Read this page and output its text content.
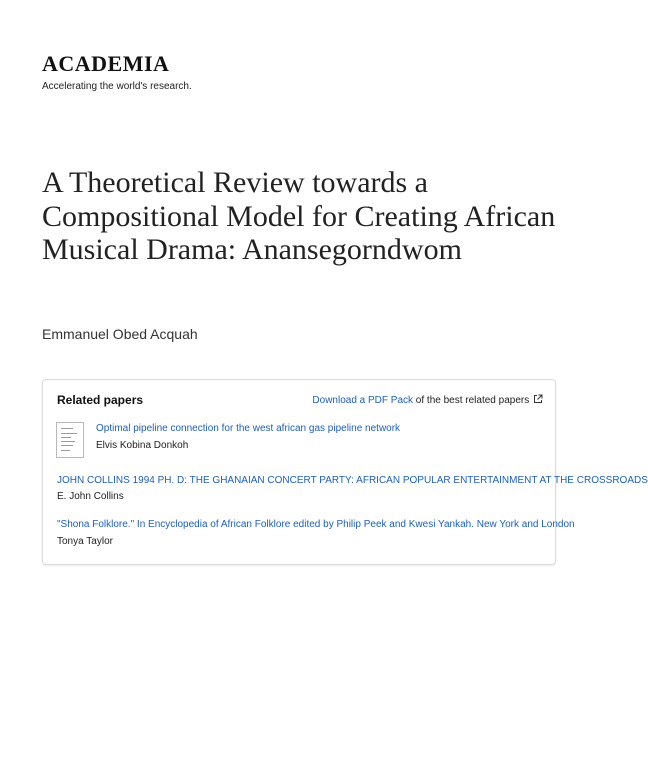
ACADEMIA
Accelerating the world's research.
A Theoretical Review towards a Compositional Model for Creating African Musical Drama: Anansegorndwom
Emmanuel Obed Acquah
Related papers	Download a PDF Pack of the best related papers
Optimal pipeline connection for the west african gas pipeline network
Elvis Kobina Donkoh
JOHN COLLINS 1994 PH. D: THE GHANAIAN CONCERT PARTY: AFRICAN POPULAR ENTERTAINMENT AT THE CROSSROADS
E. John Collins
"Shona Folklore." In Encyclopedia of African Folklore edited by Philip Peek and Kwesi Yankah. New York and London
Tonya Taylor
